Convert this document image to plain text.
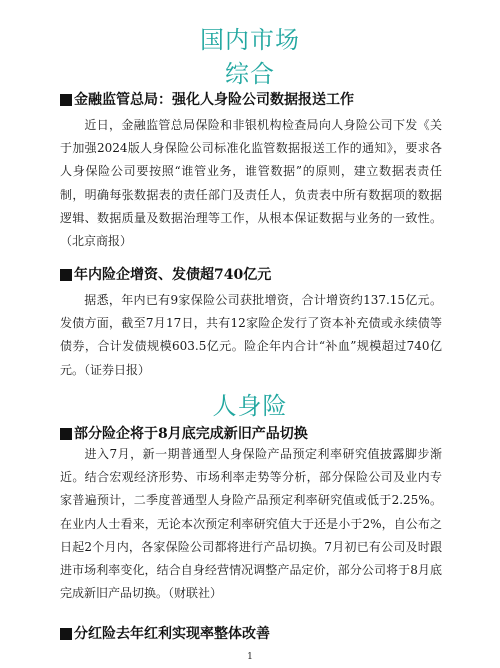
国内市场
综合
金融监管总局：强化人身险公司数据报送工作
近日，金融监管总局保险和非银机构检查局向人身险公司下发《关于加强2024版人身保险公司标准化监管数据报送工作的通知》，要求各人身保险公司要按照“谁管业务，谁管数据”的原则，建立数据表责任制，明确每张数据表的责任部门及责任人，负责表中所有数据项的数据逻辑、数据质量及数据治理等工作，从根本保证数据与业务的一致性。（北京商报）
年内险企增资、发债超740亿元
据悉，年内已有9家保险公司获批增资，合计增资约137.15亿元。发债方面，截至7月17日，共有12家险企发行了资本补充债或永续债等债券，合计发债规模603.5亿元。险企年内合计“补血”规模超过740亿元。（证券日报）
人身险
部分险企将于8月底完成新旧产品切换
进入7月，新一期普通型人身保险产品预定利率研究值披露脚步渐近。结合宏观经济形势、市场利率走势等分析，部分保险公司及业内专家普遍预计，二季度普通型人身险产品预定利率研究值或低于2.25%。在业内人士看来，无论本次预定利率研究值大于还是小于2%，自公布之日起2个月内，各家保险公司都将进行产品切换。7月初已有公司及时跟进市场利率变化，结合自身经营情况调整产品定价，部分公司将于8月底完成新旧产品切换。（财联社）
分红险去年红利实现率整体改善
1
